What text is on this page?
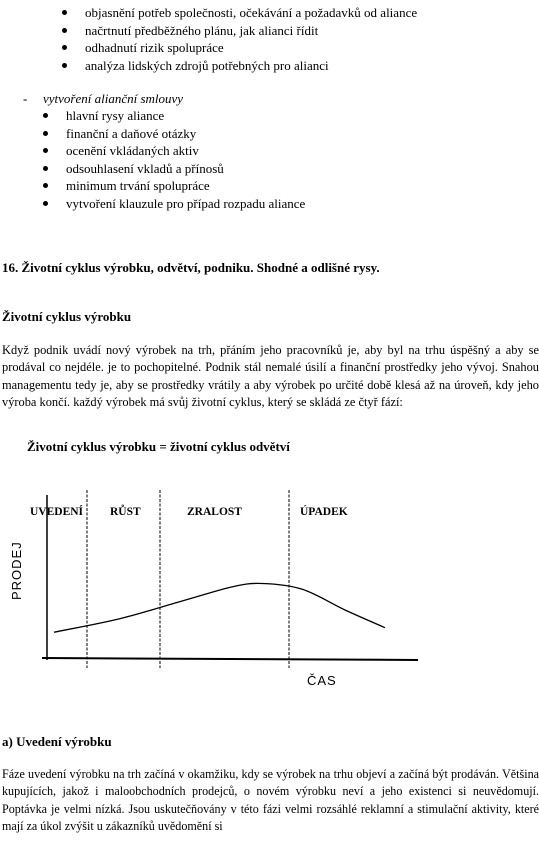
objasnění potřeb společnosti, očekávání a požadavků od aliance
načrtnutí předběžného plánu, jak alianci řídit
odhadnutí rizik spolupráce
analýza lidských zdrojů potřebných pro alianci
- vytvoření alianční smlouvy
hlavní rysy aliance
finanční a daňové otázky
ocenění vkládaných aktiv
odsouhlasení vkladů a přínosů
minimum trvání spolupráce
vytvoření klauzule pro případ rozpadu aliance
16. Životní cyklus výrobku, odvětví, podniku. Shodné a odlišné rysy.
Životní cyklus výrobku
Když podnik uvádí nový výrobek na trh, přáním jeho pracovníků je, aby byl na trhu úspěšný a aby se prodával co nejdéle. je to pochopitelné. Podnik stál nemalé úsilí a finanční prostředky jeho vývoj. Snahou managementu tedy je, aby se prostředky vrátily a aby výrobek po určité době klesá až na úroveň, kdy jeho výroba končí. každý výrobek má svůj životní cyklus, který se skládá ze čtyř fází:
Životní cyklus výrobku = životní cyklus odvětví
UVEDENÍ RŮST	ZRALOST	ÚPADEK
PRODEJ
ČAS
a) Uvedení výrobku
Fáze uvedení výrobku na trh začíná v okamžiku, kdy se výrobek na trhu objeví a začíná být prodáván. Většina kupujících, jakož i maloobchodních prodejců, o novém výrobku neví a jeho existenci si neuvědomují. Poptávka je velmi nízká. Jsou uskutečňovány v této fázi velmi rozsáhlé reklamní a stimulační aktivity, které mají za úkol zvýšit u zákazníků uvědomění si
